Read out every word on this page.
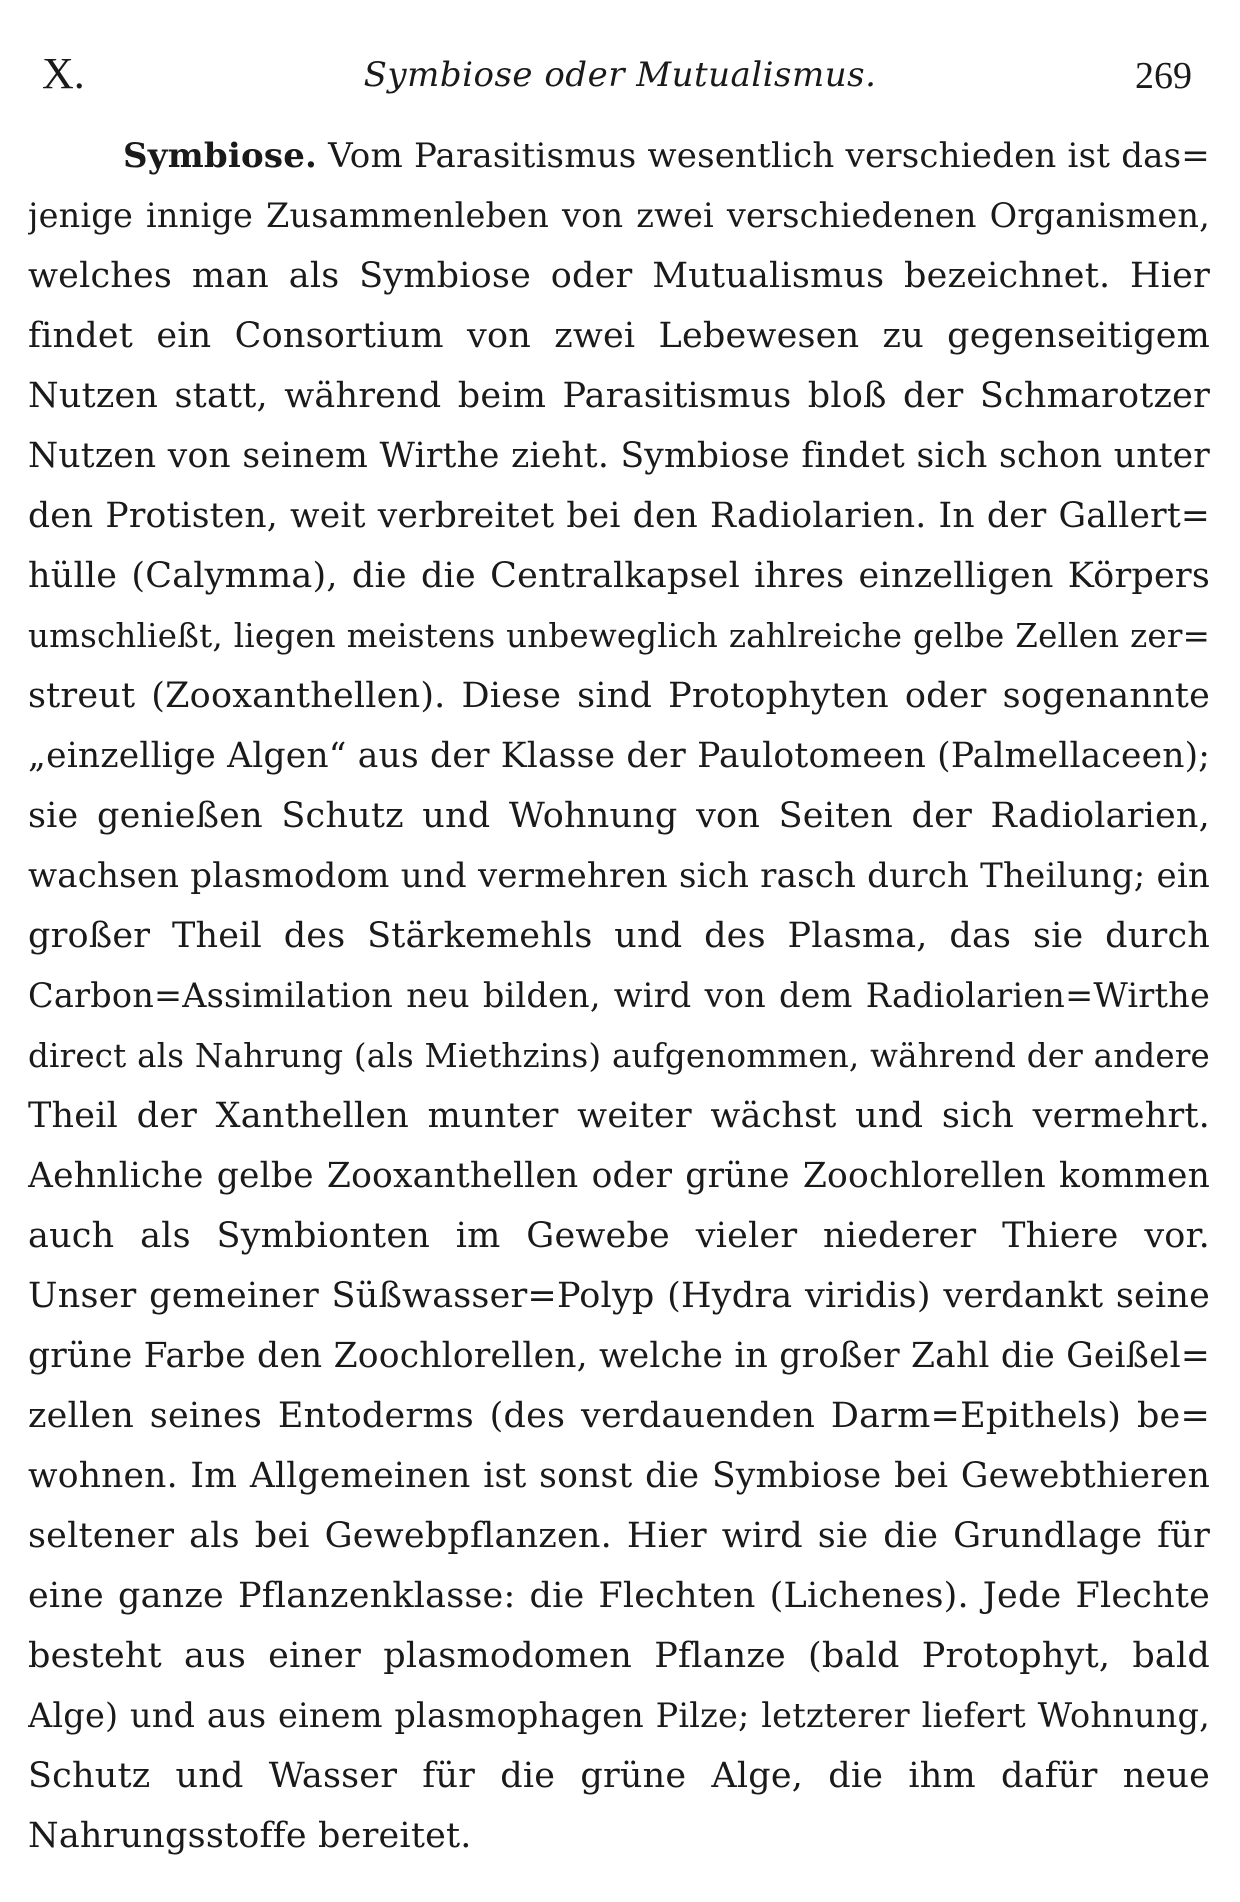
X.	Symbiose oder Mutualismus.	269
Symbiose. Vom Parasitismus wesentlich verschieden ist das=
jenige innige Zusammenleben von zwei verschiedenen Organismen,
welches man als Symbiose oder Mutualismus bezeichnet. Hier
findet ein Consortium von zwei Lebewesen zu gegenseitigem
Nutzen statt, während beim Parasitismus bloß der Schmarotzer
Nutzen von seinem Wirthe zieht. Symbiose findet sich schon unter
den Protisten, weit verbreitet bei den Radiolarien. In der Gallert=
hülle (Calymma), die die Centralkapsel ihres einzelligen Körpers
umschließt, liegen meistens unbeweglich zahlreiche gelbe Zellen zer=
streut (Zooxanthellen). Diese sind Protophyten oder sogenannte
„einzellige Algen“ aus der Klasse der Paulotomeen (Palmellaceen);
sie genießen Schutz und Wohnung von Seiten der Radiolarien,
wachsen plasmodom und vermehren sich rasch durch Theilung; ein
großer Theil des Stärkemehls und des Plasma, das sie durch
Carbon=Assimilation neu bilden, wird von dem Radiolarien=Wirthe
direct als Nahrung (als Miethzins) aufgenommen, während der andere
Theil der Xanthellen munter weiter wächst und sich vermehrt.
Aehnliche gelbe Zooxanthellen oder grüne Zoochlorellen kommen
auch als Symbionten im Gewebe vieler niederer Thiere vor.
Unser gemeiner Süßwasser=Polyp (Hydra viridis) verdankt seine
grüne Farbe den Zoochlorellen, welche in großer Zahl die Geißel=
zellen seines Entoderms (des verdauenden Darm=Epithels) be=
wohnen. Im Allgemeinen ist sonst die Symbiose bei Gewebthieren
seltener als bei Gewebpflanzen. Hier wird sie die Grundlage für
eine ganze Pflanzenklasse: die Flechten (Lichenes). Jede Flechte
besteht aus einer plasmodomen Pflanze (bald Protophyt, bald
Alge) und aus einem plasmophagen Pilze; letzterer liefert Wohnung,
Schutz und Wasser für die grüne Alge, die ihm dafür neue
Nahrungsstoffe bereitet.
